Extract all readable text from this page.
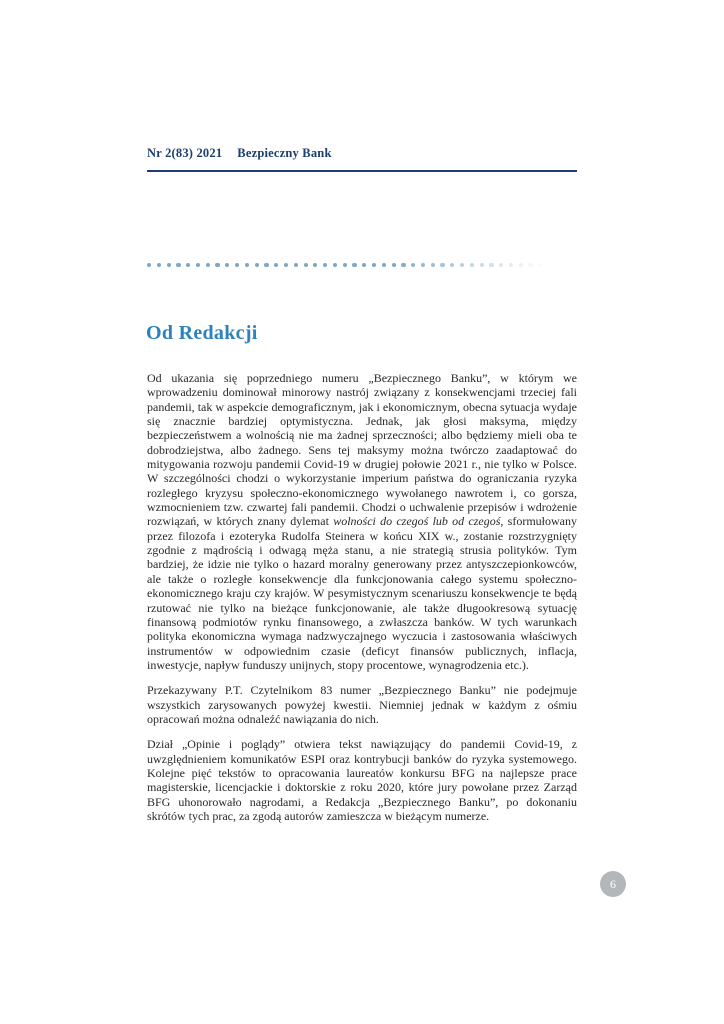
Nr 2(83) 2021 Bezpieczny Bank
Od Redakcji

Od ukazania się poprzedniego numeru „Bezpiecznego Banku”, w którym we wprowadzeniu dominował minorowy nastrój związany z konsekwencjami trzeciej fali pandemii, tak w aspekcie demograficznym, jak i ekonomicznym, obecna sytuacja wydaje się znacznie bardziej optymistyczna. Jednak, jak głosi maksyma, między bezpieczeństwem a wolnością nie ma żadnej sprzeczności; albo będziemy mieli oba te dobrodziejstwa, albo żadnego. Sens tej maksymy można twórczo zaadaptować do mitygowania rozwoju pandemii Covid-19 w drugiej połowie 2021 r., nie tylko w Polsce. W szczególności chodzi o wykorzystanie imperium państwa do ograniczania ryzyka rozległego kryzysu społeczno-ekonomicznego wywołanego nawrotem i, co gorsza, wzmocnieniem tzw. czwartej fali pandemii. Chodzi o uchwalenie przepisów i wdrożenie rozwiązań, w których znany dylemat wolności do czegoś lub od czegoś, sformułowany przez filozofa i ezoteryka Rudolfa Steinera w końcu XIX w., zostanie rozstrzygnięty zgodnie z mądrością i odwagą męża stanu, a nie strategią strusia polityków. Tym bardziej, że idzie nie tylko o hazard moralny generowany przez antyszczepionkowców, ale także o rozległe konsekwencje dla funkcjonowania całego systemu społeczno-ekonomicznego kraju czy krajów. W pesymistycznym scenariuszu konsekwencje te będą rzutować nie tylko na bieżące funkcjonowanie, ale także długookresową sytuację finansową podmiotów rynku finansowego, a zwłaszcza banków. W tych warunkach polityka ekonomiczna wymaga nadzwyczajnego wyczucia i zastosowania właściwych instrumentów w odpowiednim czasie (deficyt finansów publicznych, inflacja, inwestycje, napływ funduszy unijnych, stopy procentowe, wynagrodzenia etc.).

Przekazywany P.T. Czytelnikom 83 numer „Bezpiecznego Banku” nie podejmuje wszystkich zarysowanych powyżej kwestii. Niemniej jednak w każdym z ośmiu opracowań można odnaleźć nawiązania do nich.

Dział „Opinie i poglądy” otwiera tekst nawiązujący do pandemii Covid-19, z uwzględnieniem komunikatów ESPI oraz kontrybucji banków do ryzyka systemowego. Kolejne pięć tekstów to opracowania laureatów konkursu BFG na najlepsze prace magisterskie, licencjackie i doktorskie z roku 2020, które jury powołane przez Zarząd BFG uhonorowało nagrodami, a Redakcja „Bezpiecznego Banku”, po dokonaniu skrótów tych prac, za zgodą autorów zamieszcza w bieżącym numerze.

6
